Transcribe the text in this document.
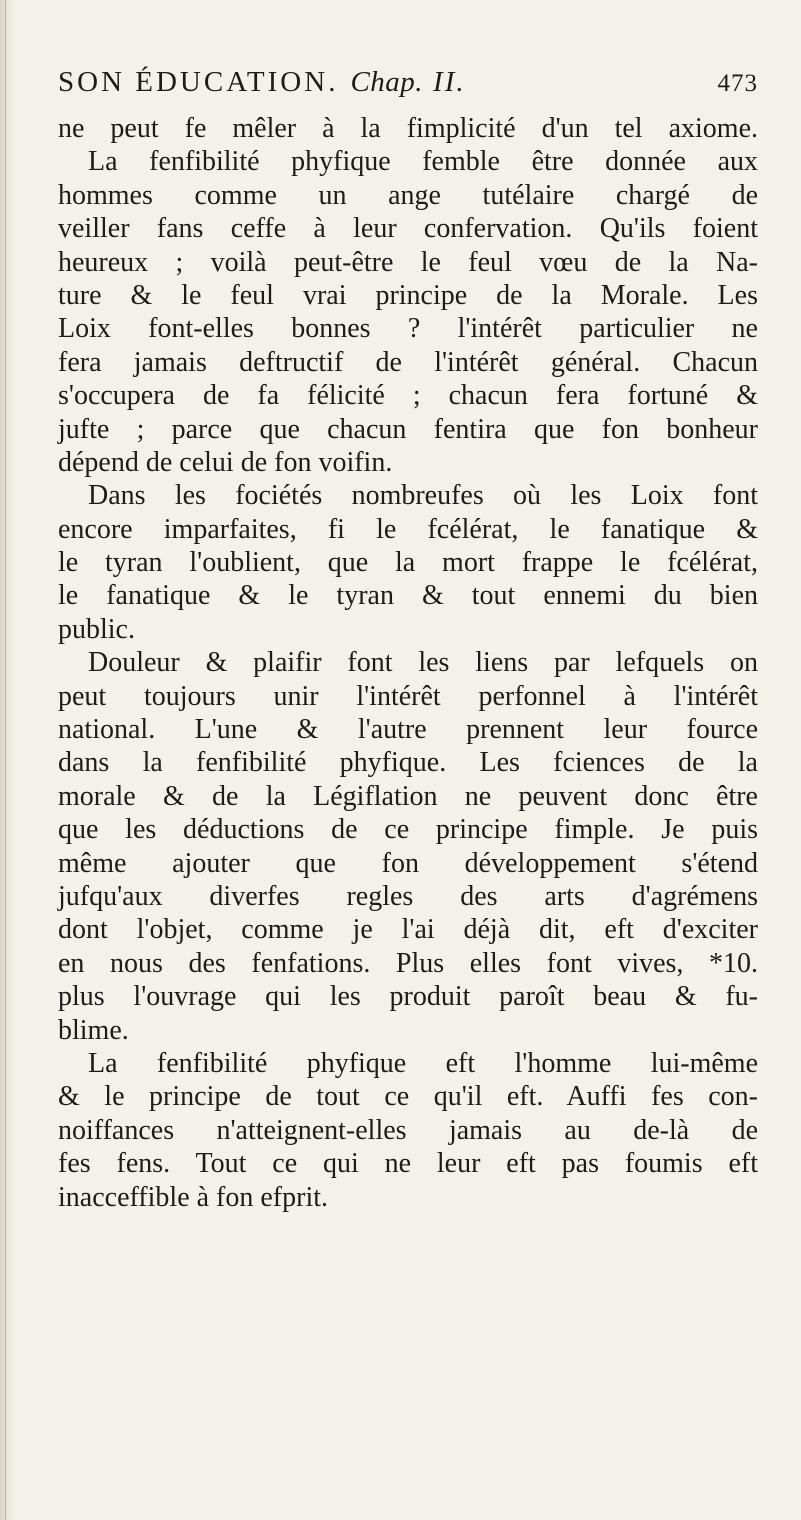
SON ÉDUCATION. Chap. II.	473
ne peut fe mêler à la fimplicité d'un tel axiome.
La fenfibilité phyfique femble être donnée aux
hommes comme un ange tutélaire chargé de
veiller fans ceffe à leur confervation. Qu'ils foient
heureux ; voilà peut-être le feul vœu de la Na-
ture & le feul vrai principe de la Morale. Les
Loix font-elles bonnes ? l'intérêt particulier ne
fera jamais deftructif de l'intérêt général. Chacun
s'occupera de fa félicité ; chacun fera fortuné &
jufte ; parce que chacun fentira que fon bonheur
dépend de celui de fon voifin.
Dans les fociétés nombreufes où les Loix font
encore imparfaites, fi le fcélérat, le fanatique &
le tyran l'oublient, que la mort frappe le fcélérat,
le fanatique & le tyran & tout ennemi du bien
public.
Douleur & plaifir font les liens par lefquels on
peut toujours unir l'intérêt perfonnel à l'intérêt
national. L'une & l'autre prennent leur fource
dans la fenfibilité phyfique. Les fciences de la
morale & de la Légiflation ne peuvent donc être
que les déductions de ce principe fimple. Je puis
même ajouter que fon développement s'étend
jufqu'aux diverfes regles des arts d'agrémens
dont l'objet, comme je l'ai déjà dit, eft d'exciter
en nous des fenfations. Plus elles font vives, *10.
plus l'ouvrage qui les produit paroît beau & fu-
blime.
La fenfibilité phyfique eft l'homme lui-même
& le principe de tout ce qu'il eft. Auffi fes con-
noiffances n'atteignent-elles jamais au de-là de
fes fens. Tout ce qui ne leur eft pas foumis eft
inacceffible à fon efprit.
